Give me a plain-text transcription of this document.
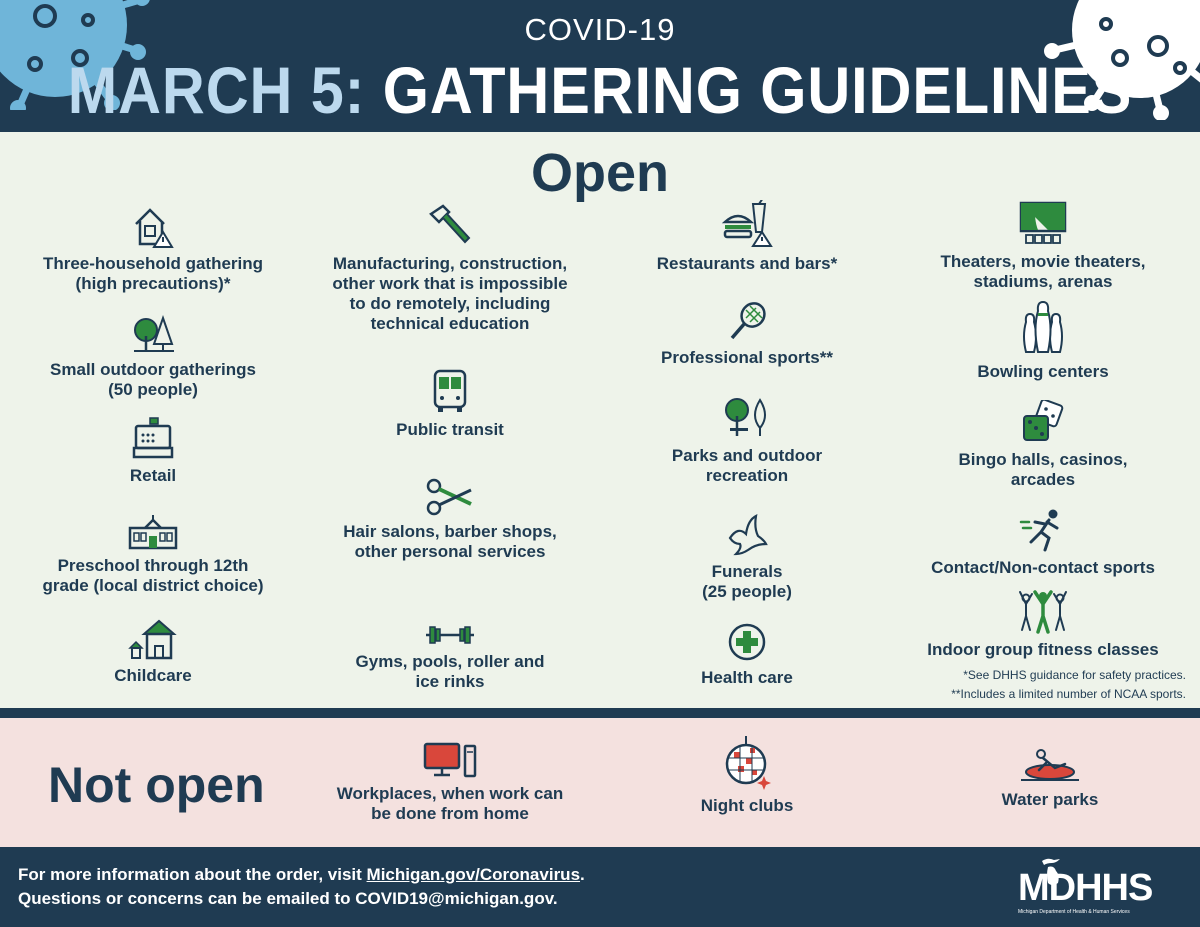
COVID-19
MARCH 5: GATHERING GUIDELINES
Open
Three-household gathering
(high precautions)*
Small outdoor gatherings
(50 people)
Retail
Preschool through 12th
grade (local district choice)
Childcare
Manufacturing, construction,
other work that is impossible
to do remotely, including
technical education
Public transit
Hair salons, barber shops,
other personal services
Gyms, pools, roller and
ice rinks
Restaurants and bars*
Professional sports**
Parks and outdoor
recreation
Funerals
(25 people)
Health care
Theaters, movie theaters,
stadiums, arenas
Bowling centers
Bingo halls, casinos,
arcades
Contact/Non-contact sports
Indoor group fitness classes
*See DHHS guidance for safety practices.
**Includes a limited number of NCAA sports.
Not open	Workplaces, when work can
be done from home	Night clubs	Water parks
For more information about the order, visit Michigan.gov/Coronavirus.
Questions or concerns can be emailed to COVID19@michigan.gov.	MDHHS
Michigan Department of Health & Human Services
